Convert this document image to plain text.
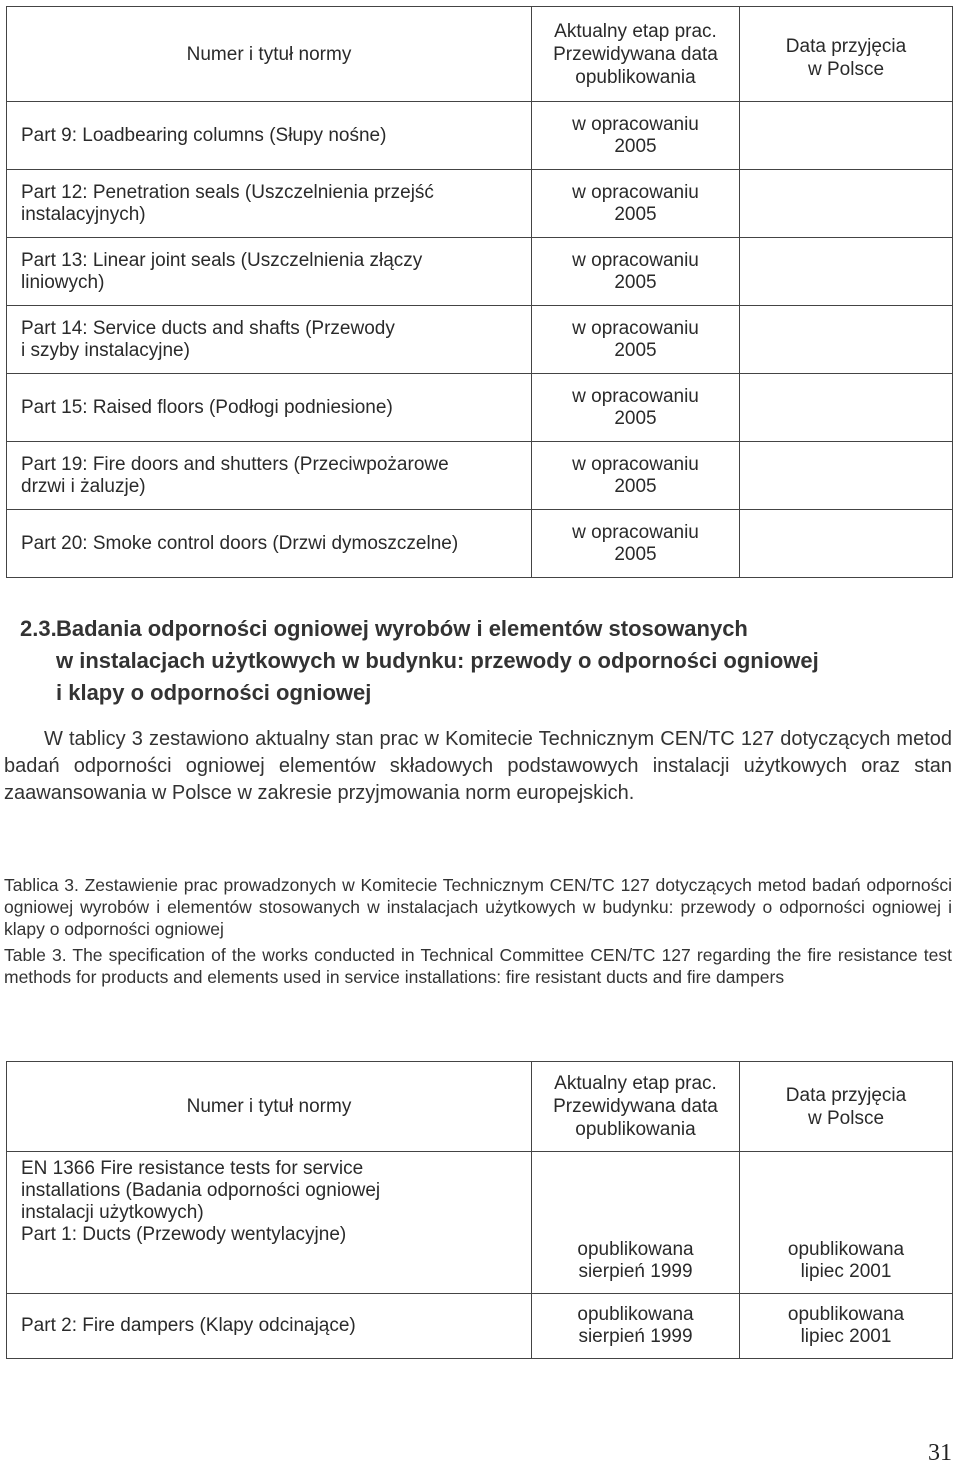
Numer i tytuł normy	Aktualny etap prac.
Przewidywana data
opublikowania	Data przyjęcia
w Polsce

Part 9: Loadbearing columns (Słupy nośne)	w opracowaniu
2005	

Part 12: Penetration seals (Uszczelnienia przejść
instalacyjnych)	w opracowaniu
2005	

Part 13: Linear joint seals (Uszczelnienia złączy
liniowych)	w opracowaniu
2005	

Part 14: Service ducts and shafts (Przewody
i szyby instalacyjne)	w opracowaniu
2005	

Part 15: Raised floors (Podłogi podniesione)	w opracowaniu
2005	

Part 19: Fire doors and shutters (Przeciwpożarowe
drzwi i żaluzje)	w opracowaniu
2005	

Part 20: Smoke control doors (Drzwi dymoszczelne)	w opracowaniu
2005	

2.3.Badania odporności ogniowej wyrobów i elementów stosowanych
w instalacjach użytkowych w budynku: przewody o odporności ogniowej
i klapy o odporności ogniowej
W tablicy 3 zestawiono aktualny stan prac w Komitecie Technicznym CEN/TC 127 dotyczących metod badań odporności ogniowej elementów składowych podstawowych instalacji użytkowych oraz stan zaawansowania w Polsce w zakresie przyjmowania norm europejskich.

Tablica 3. Zestawienie prac prowadzonych w Komitecie Technicznym CEN/TC 127 dotyczących metod badań odporności ogniowej wyrobów i elementów stosowanych w instalacjach użytkowych w budynku: przewody o odporności ogniowej i klapy o odporności ogniowej

Table 3. The specification of the works conducted in Technical Committee CEN/TC 127 regarding the fire resistance test methods for products and elements used in service installations: fire resistant ducts and fire dampers

Numer i tytuł normy	Aktualny etap prac.
Przewidywana data
opublikowania	Data przyjęcia
w Polsce

EN 1366 Fire resistance tests for service
installations (Badania odporności ogniowej
instalacji użytkowych)
Part 1: Ducts (Przewody wentylacyjne)	opublikowana
sierpień 1999	opublikowana
lipiec 2001

Part 2: Fire dampers (Klapy odcinające)	opublikowana
sierpień 1999	opublikowana
lipiec 2001
31
